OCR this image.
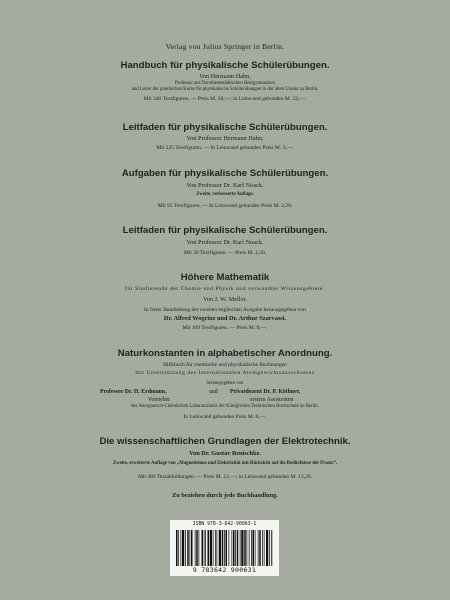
Verlag von Julius Springer in Berlin.
Handbuch für physikalische Schülerübungen.
Von Hermann Hahn,
Professor am Dorotheenstädtischen Realgymnasium
und Leiter der praktischen Kurse für physikalische Schülerübungen in der alten Urania zu Berlin.
Mit 340 Textfiguren. — Preis M. 20,—; in Leinwand gebunden M. 22,—.
Leitfaden für physikalische Schülerübungen.
Von Professor Hermann Hahn.
Mit 225 Textfiguren. — In Leinwand gebunden Preis M. 3,—.
Aufgaben für physikalische Schülerübungen.
Von Professor Dr. Karl Noack.
Zweite, verbesserte Auflage.
Mit 95 Textfiguren. — In Leinwand gebunden Preis M. 2,20.
Leitfaden für physikalische Schülerübungen.
Von Professor Dr. Karl Noack.
Mit 36 Textfiguren. — Preis M. 1,20.
Höhere Mathematik
für Studierende der Chemie und Physik und verwandter Wissensgebiete.
Von J. W. Mellor.
In freier Bearbeitung der zweiten englischen Ausgabe herausgegeben von
Dr. Alfred Wogrinz und Dr. Arthur Szarvassi.
Mit 109 Textfiguren. — Preis M. 8,—.
Naturkonstanten in alphabetischer Anordnung.
Hilfsbuch für chemische und physikalische Rechnungen
mit Unterstützung des Internationalen Atomgewichtsausschusses
herausgegeben von
Professor Dr. H. Erdmann,	und Privatdozent Dr. P. Köthner,
Vorsteher	erstem Assistenten
des Anorganisch-Chemischen Laboratoriums der Königlichen Technischen Hochschule zu Berlin.
In Leinwand gebunden Preis M. 6,—.
Die wissenschaftlichen Grundlagen der Elektrotechnik.
Von Dr. Gustav Benischke.
Zweite, erweiterte Auflage von „Magnetismus und Elektrizität mit Rücksicht auf die Bedürfnisse der Praxis“.
Mit 489 Textabbildungen. — Preis M. 12,—; in Leinwand gebunden M. 13,20.
Zu beziehen durch jede Buchhandlung.
ISBN 978-3-642-90063-1
9 783642 900631
